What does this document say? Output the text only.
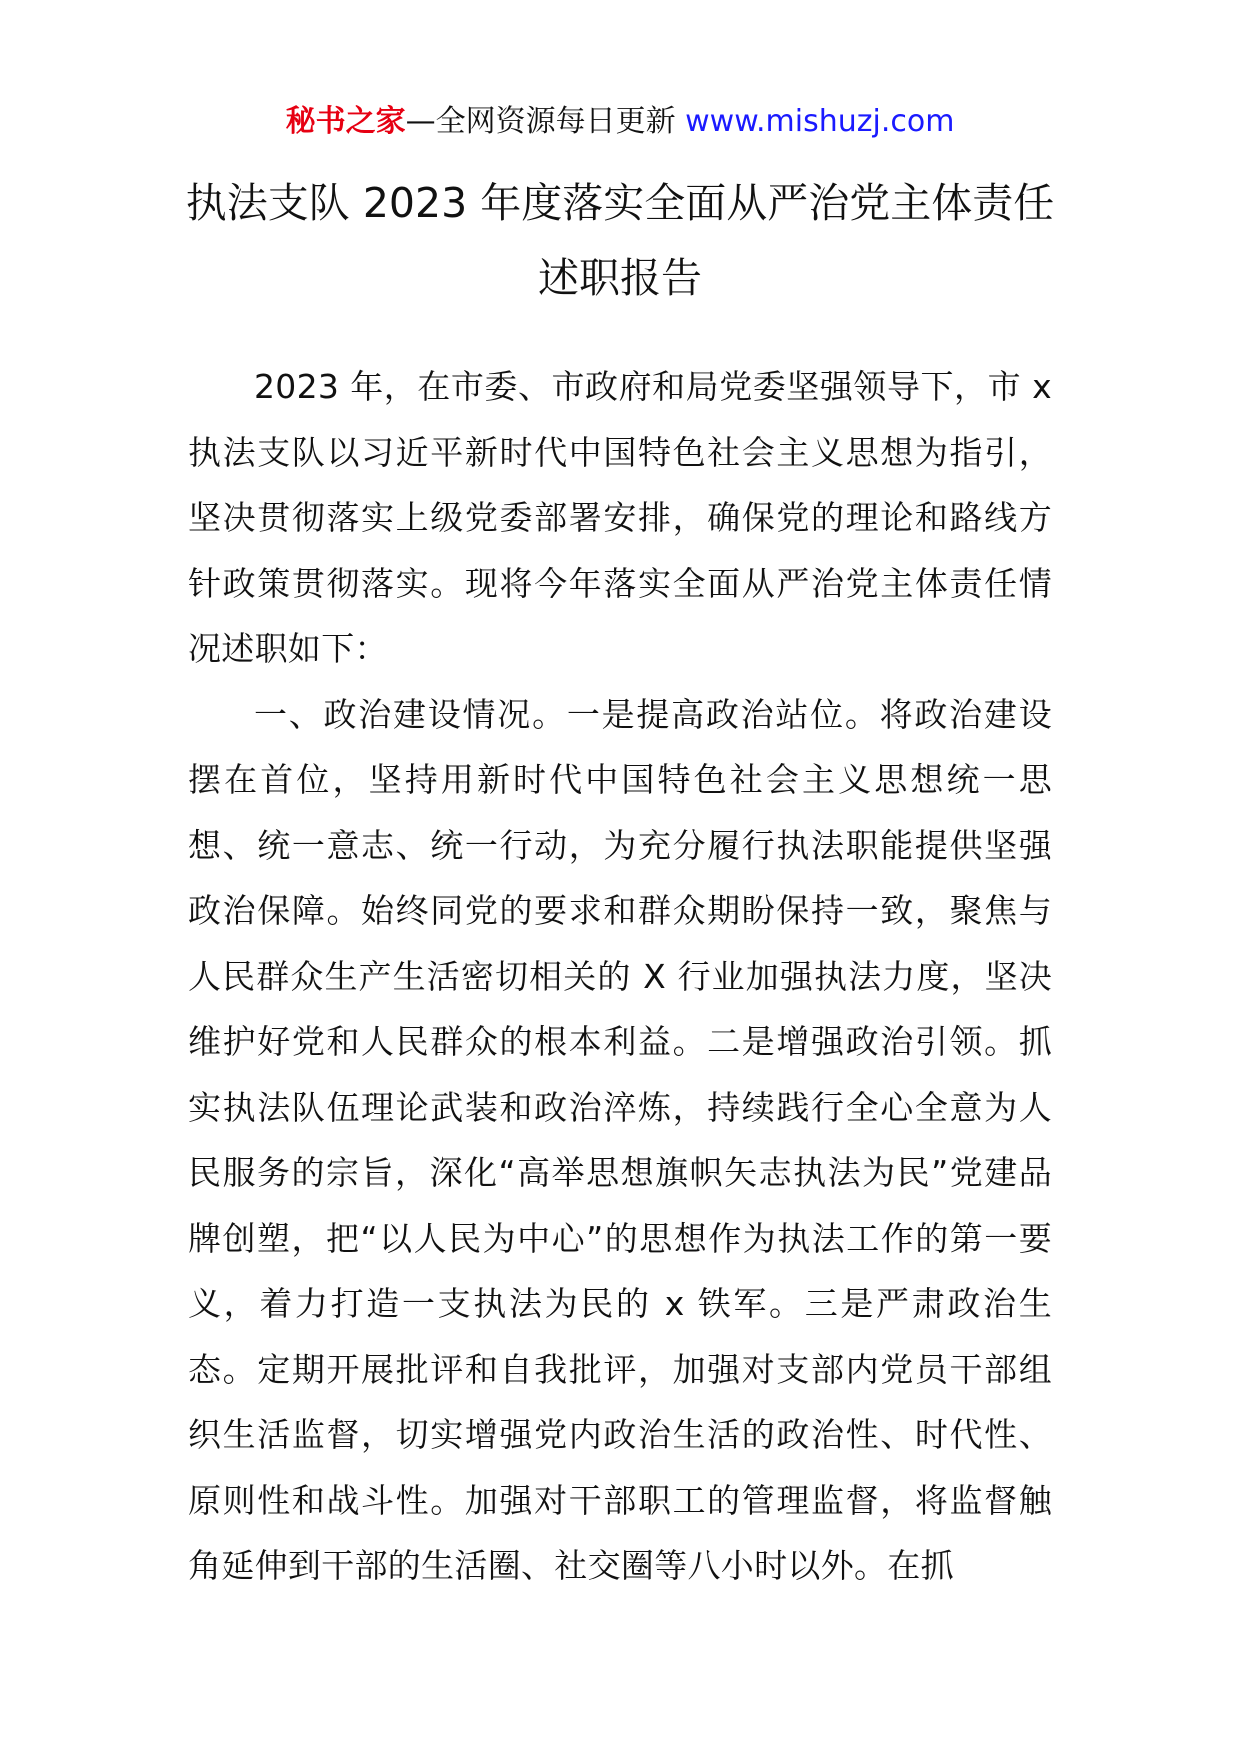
秘书之家—全网资源每日更新 www.mishuzj.com
执法支队 2023 年度落实全面从严治党主体责任
述职报告

2023 年，在市委、市政府和局党委坚强领导下，市 x 执法支队以习近平新时代中国特色社会主义思想为指引，坚决贯彻落实上级党委部署安排，确保党的理论和路线方针政策贯彻落实。现将今年落实全面从严治党主体责任情况述职如下：

一、政治建设情况。一是提高政治站位。将政治建设摆在首位，坚持用新时代中国特色社会主义思想统一思想、统一意志、统一行动，为充分履行执法职能提供坚强政治保障。始终同党的要求和群众期盼保持一致，聚焦与人民群众生产生活密切相关的 X 行业加强执法力度，坚决维护好党和人民群众的根本利益。二是增强政治引领。抓实执法队伍理论武装和政治淬炼，持续践行全心全意为人民服务的宗旨，深化“高举思想旗帜矢志执法为民”党建品牌创塑，把“以人民为中心”的思想作为执法工作的第一要义，着力打造一支执法为民的 x 铁军。三是严肃政治生态。定期开展批评和自我批评，加强对支部内党员干部组织生活监督，切实增强党内政治生活的政治性、时代性、原则性和战斗性。加强对干部职工的管理监督，将监督触角延伸到干部的生活圈、社交圈等八小时以外。在抓
